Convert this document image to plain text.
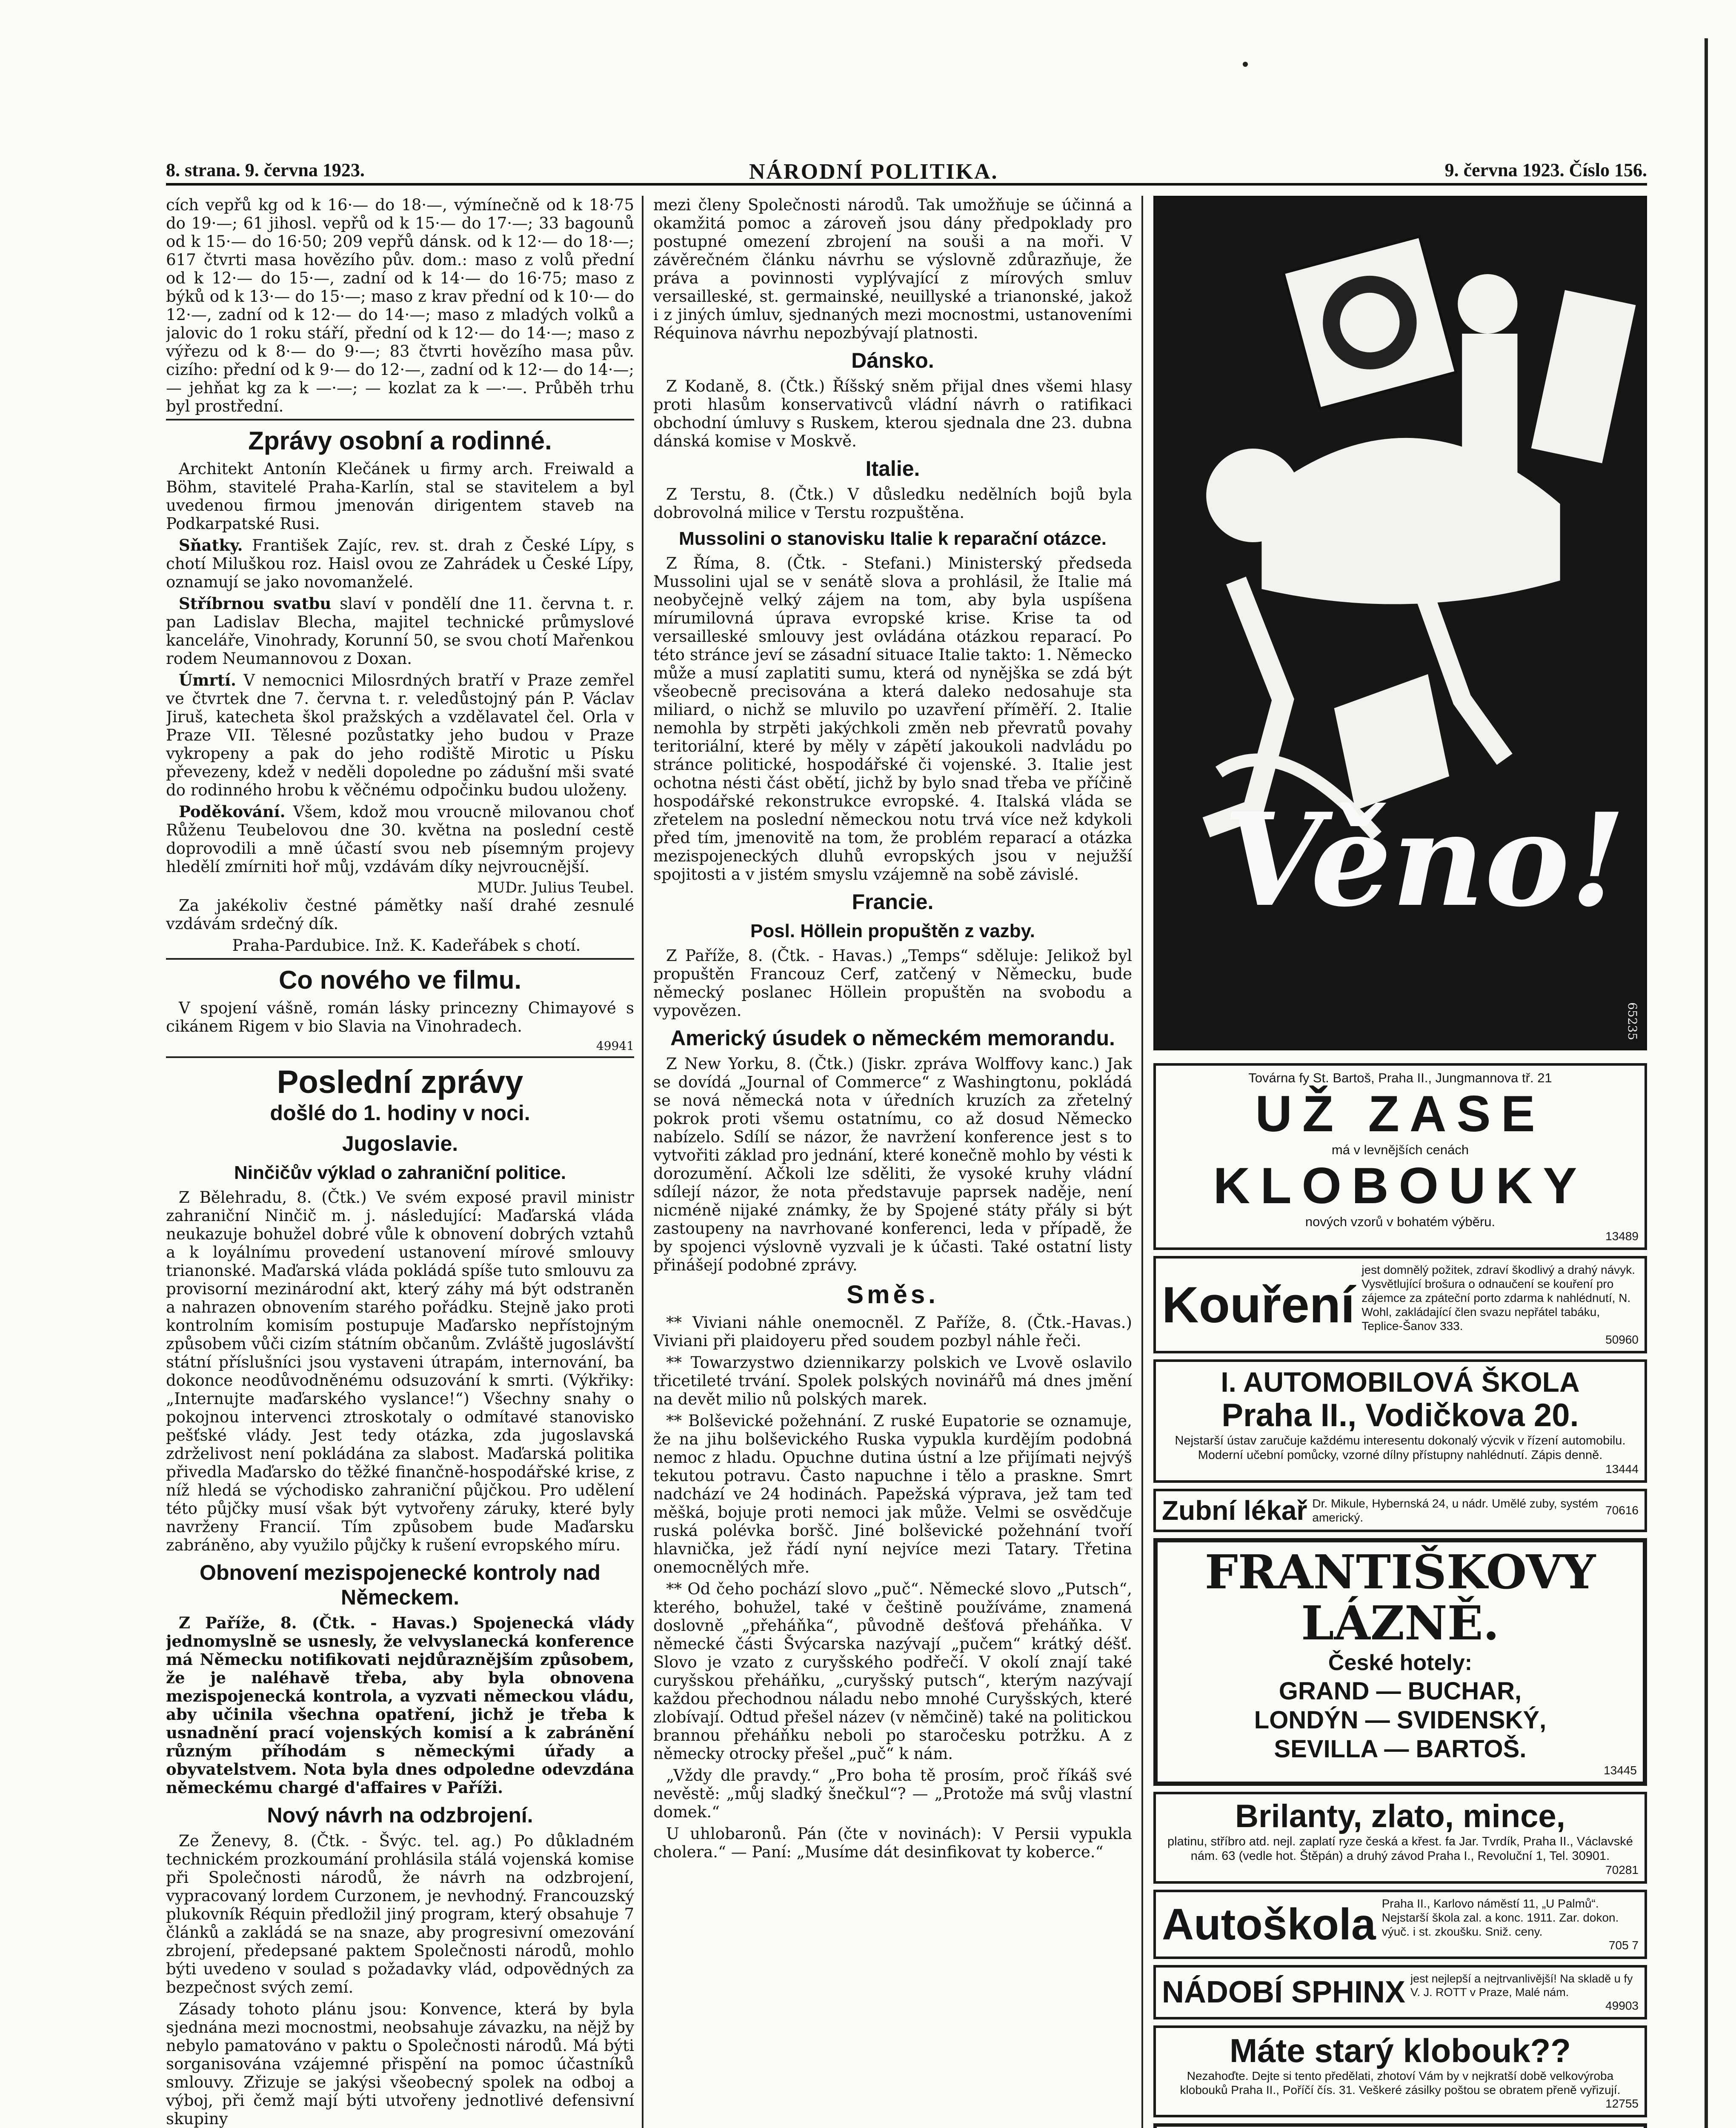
8. strana. 9. června 1923.	NÁRODNÍ POLITIKA.	9. června 1923. Číslo 156.

cích vepřů kg od k 16·— do 18·—, výmínečně od k 18·75 do 19·—; 61 jihosl. vepřů od k 15·— do 17·—; 33 bagounů od k 15·— do 16·50; 209 vepřů dánsk. od k 12·— do 18·—; 617 čtvrti masa hovězího pův. dom.: maso z volů přední od k 12·— do 15·—, zadní od k 14·— do 16·75; maso z býků od k 13·— do 15·—; maso z krav přední od k 10·— do 12·—, zadní od k 12·— do 14·—; maso z mladých volků a jalovic do 1 roku stáří, přední od k 12·— do 14·—; maso z výřezu od k 8·— do 9·—; 83 čtvrti hovězího masa pův. cizího: přední od k 9·— do 12·—, zadní od k 12·— do 14·—; — jehňat kg za k —·—; — kozlat za k —·—. Průběh trhu byl prostřední.

Zprávy osobní a rodinné.

Architekt Antonín Klečánek u firmy arch. Freiwald a Böhm, stavitelé Praha-Karlín, stal se stavitelem a byl uvedenou firmou jmenován dirigentem staveb na Podkarpatské Rusi.

Sňatky. František Zajíc, rev. st. drah z České Lípy, s chotí Miluškou roz. Haisl ovou ze Zahrádek u České Lípy, oznamují se jako novomanželé.

Stříbrnou svatbu slaví v pondělí dne 11. června t. r. pan Ladislav Blecha, majitel technické průmyslové kanceláře, Vinohrady, Korunní 50, se svou chotí Mařenkou rodem Neumannovou z Doxan.

Úmrtí. V nemocnici Milosrdných bratří v Praze zemřel ve čtvrtek dne 7. června t. r. veledůstojný pán P. Václav Jiruš, katecheta škol pražských a vzdělavatel čel. Orla v Praze VII. Tělesné pozůstatky jeho budou v Praze vykropeny a pak do jeho rodiště Mirotic u Písku převezeny, kdež v neděli dopoledne po zádušní mši svaté do rodinného hrobu k věčnému odpočinku budou uloženy.

Poděkování. Všem, kdož mou vroucně milovanou choť Růženu Teubelovou dne 30. května na poslední cestě doprovodili a mně účastí svou neb písemným projevy hledělí zmírniti hoř můj, vzdávám díky nejvroucnější.

MUDr. Julius Teubel.

Za jakékoliv čestné pámětky naší drahé zesnulé vzdávám srdečný dík.

Praha-Pardubice. Inž. K. Kadeřábek s chotí.

Co nového ve filmu.

V spojení vášně, román lásky princezny Chimayové s cikánem Rigem v bio Slavia na Vinohradech.

49941
Poslední zprávy
došlé do 1. hodiny v noci.
Jugoslavie.
Ninčičův výklad o zahraniční politice.

Z Bělehradu, 8. (Čtk.) Ve svém exposé pravil ministr zahraniční Ninčič m. j. následující: Maďarská vláda neukazuje bohužel dobré vůle k obnovení dobrých vztahů a k loyálnímu provedení ustanovení mírové smlouvy trianonské. Maďarská vláda pokládá spíše tuto smlouvu za provisorní mezinárodní akt, který záhy má být odstraněn a nahrazen obnovením starého pořádku. Stejně jako proti kontrolním komisím postupuje Maďarsko nepřístojným způsobem vůči cizím státním občanům. Zvláště jugoslávští státní příslušníci jsou vystaveni útrapám, internování, ba dokonce neodůvodněnému odsuzování k smrti. (Výkřiky: „Internujte maďarského vyslance!“) Všechny snahy o pokojnou intervenci ztroskotaly o odmítavé stanovisko pešťské vlády. Jest tedy otázka, zda jugoslavská zdrželivost není pokládána za slabost. Maďarská politika přivedla Maďarsko do těžké finančně-hospodářské krise, z níž hledá se východisko zahraniční půjčkou. Pro udělení této půjčky musí však být vytvořeny záruky, které byly navrženy Francií. Tím způsobem bude Maďarsku zabráněno, aby využilo půjčky k rušení evropského míru.

Obnovení mezispojenecké kontroly nad Německem.

Z Paříže, 8. (Čtk. - Havas.) Spojenecká vlády jednomyslně se usnesly, že velvyslanecká konference má Německu notifikovati nejdůraznějším způsobem, že je naléhavě třeba, aby byla obnovena mezispojenecká kontrola, a vyzvati německou vládu, aby učinila všechna opatření, jichž je třeba k usnadnění prací vojenských komisí a k zabránění různým příhodám s německými úřady a obyvatelstvem. Nota byla dnes odpoledne odevzdána německému chargé d'affaires v Paříži.

Nový návrh na odzbrojení.

Ze Ženevy, 8. (Čtk. - Švýc. tel. ag.) Po důkladném technickém prozkoumání prohlásila stálá vojenská komise při Společnosti národů, že návrh na odzbrojení, vypracovaný lordem Curzonem, je nevhodný. Francouzský plukovník Réquin předložil jiný program, který obsahuje 7 článků a zakládá se na snaze, aby progresivní omezování zbrojení, předepsané paktem Společnosti národů, mohlo býti uvedeno v soulad s požadavky vlád, odpovědných za bezpečnost svých zemí.

Zásady tohoto plánu jsou: Konvence, která by byla sjednána mezi mocnostmi, neobsahuje závazku, na nějž by nebylo pamatováno v paktu o Společnosti národů. Má býti sorganisována vzájemné přispění na pomoc účastníků smlouvy. Zřizuje se jakýsi všeobecný spolek na odboj a výboj, při čemž mají býti utvořeny jednotlivé defensivní skupiny

mezi členy Společnosti národů. Tak umožňuje se účinná a okamžitá pomoc a zároveň jsou dány předpoklady pro postupné omezení zbrojení na souši a na moři. V závěrečném článku návrhu se výslovně zdůrazňuje, že práva a povinnosti vyplývající z mírových smluv versailleské, st. germainské, neuillyské a trianonské, jakož i z jiných úmluv, sjednaných mezi mocnostmi, ustanoveními Réquinova návrhu nepozbývají platnosti.

Dánsko.

Z Kodaně, 8. (Čtk.) Říšský sněm přijal dnes všemi hlasy proti hlasům konservativců vládní návrh o ratifikaci obchodní úmluvy s Ruskem, kterou sjednala dne 23. dubna dánská komise v Moskvě.

Italie.

Z Terstu, 8. (Čtk.) V důsledku nedělních bojů byla dobrovolná milice v Terstu rozpuštěna.

Mussolini o stanovisku Italie k reparační otázce.

Z Říma, 8. (Čtk. - Stefani.) Ministerský předseda Mussolini ujal se v senátě slova a prohlásil, že Italie má neobyčejně velký zájem na tom, aby byla uspíšena mírumilovná úprava evropské krise. Krise ta od versailleské smlouvy jest ovládána otázkou reparací. Po této stránce jeví se zásadní situace Italie takto: 1. Německo může a musí zaplatiti sumu, která od nynějška se zdá být všeobecně precisována a která daleko nedosahuje sta miliard, o nichž se mluvilo po uzavření příměří. 2. Italie nemohla by strpěti jakýchkoli změn neb převratů povahy teritoriální, které by měly v zápětí jakoukoli nadvládu po stránce politické, hospodářské či vojenské. 3. Italie jest ochotna nésti část obětí, jichž by bylo snad třeba ve příčině hospodářské rekonstrukce evropské. 4. Italská vláda se zřetelem na poslední německou notu trvá více než kdykoli před tím, jmenovitě na tom, že problém reparací a otázka mezispojeneckých dluhů evropských jsou v nejužší spojitosti a v jistém smyslu vzájemně na sobě závislé.

Francie.
Posl. Höllein propuštěn z vazby.

Z Paříže, 8. (Čtk. - Havas.) „Temps“ sděluje: Jelikož byl propuštěn Francouz Cerf, zatčený v Německu, bude německý poslanec Höllein propuštěn na svobodu a vypovězen.

Americký úsudek o německém memorandu.

Z New Yorku, 8. (Čtk.) (Jiskr. zpráva Wolffovy kanc.) Jak se dovídá „Journal of Commerce“ z Washingtonu, pokládá se nová německá nota v úředních kruzích za zřetelný pokrok proti všemu ostatnímu, co až dosud Německo nabízelo. Sdílí se názor, že navržení konference jest s to vytvořiti základ pro jednání, které konečně mohlo by vésti k dorozumění. Ačkoli lze sděliti, že vysoké kruhy vládní sdílejí názor, že nota představuje paprsek naděje, není nicméně nijaké známky, že by Spojené státy přály si být zastoupeny na navrhované konferenci, leda v případě, že by spojenci výslovně vyzvali je k účasti. Také ostatní listy přinášejí podobné zprávy.

Směs.

** Viviani náhle onemocněl. Z Paříže, 8. (Čtk.-Havas.) Viviani při plaidoyeru před soudem pozbyl náhle řeči.

** Towarzystwo dziennikarzy polskich ve Lvově oslavilo třicetileté trvání. Spolek polských novinářů má dnes jmění na devět milio nů polských marek.

** Bolševické požehnání. Z ruské Eupatorie se oznamuje, že na jihu bolševického Ruska vypukla kurdějím podobná nemoc z hladu. Opuchne dutina ústní a lze přijímati nejvýš tekutou potravu. Často napuchne i tělo a praskne. Smrt nadchází ve 24 hodinách. Papežská výprava, jež tam teď měšká, bojuje proti nemoci jak může. Velmi se osvědčuje ruská polévka boršč. Jiné bolševické požehnání tvoří hlavnička, jež řádí nyní nejvíce mezi Tatary. Třetina onemocnělých mře.

** Od čeho pochází slovo „puč“. Německé slovo „Putsch“, kterého, bohužel, také v češtině používáme, znamená doslovně „přeháňka“, původně dešťová přeháňka. V německé části Švýcarska nazývají „pučem“ krátký déšť. Slovo je vzato z curyšského podřečí. V okolí znají také curyšskou přeháňku, „curyšský putsch“, kterým nazývají každou přechodnou náladu nebo mnohé Curyšských, které zlobívají. Odtud přešel název (v němčině) také na politickou brannou přeháňku neboli po staročesku potržku. A z německy otrocky přešel „puč“ k nám.

„Vždy dle pravdy.“ „Pro boha tě prosím, proč říkáš své nevěstě: „můj sladký šnečkul“? — „Protože má svůj vlastní domek.“

U uhlobaronů. Pán (čte v novinách): V Persii vypukla cholera.“ — Paní: „Musíme dát desinfikovat ty koberce.“

Věno!
65235
Továrna fy St. Bartoš, Praha II., Jungmannova tř. 21
UŽ ZASE
má v levnějších cenách
KLOBOUKY
nových vzorů v bohatém výběru.
13489
Kouření
jest domnělý požitek, zdraví škodlivý a drahý návyk. Vysvětlující brošura o odnaučení se kouření pro zájemce za zpáteční porto zdarma k nahlédnutí, N. Wohl, zakládající člen svazu nepřátel tabáku, Teplice-Šanov 333.
50960
I. AUTOMOBILOVÁ ŠKOLA
Praha II., Vodičkova 20.
Nejstarší ústav zaručuje každému interesentu dokonalý výcvik v řízení automobilu. Moderní učební pomůcky, vzorné dílny přístupny nahlédnutí. Zápis denně.
13444
Zubní lékař Dr. Mikule, Hybernská 24, u nádr. Umělé zuby, systém americký.
70616
FRANTIŠKOVY
LÁZNĚ.
České hotely:
GRAND — BUCHAR,
LONDÝN — SVIDENSKÝ,
SEVILLA — BARTOŠ.
13445
Brilanty, zlato, mince,
platinu, stříbro atd. nejl. zaplatí ryze česká a křest. fa Jar. Tvrdík, Praha II., Václavské nám. 63 (vedle hot. Štěpán) a druhý závod Praha I., Revoluční 1, Tel. 30901.
70281
Autoškola Praha II., Karlovo náměstí 11, „U Palmů“. Nejstarší škola zal. a konc. 1911. Zar. dokon. výuč. i st. zkoušku. Sniž. ceny.
705 7
NÁDOBÍ SPHINX jest nejlepší a nejtrvanlivější! Na skladě u fy V. J. ROTT v Praze, Malé nám.
49903
Máte starý klobouk??
Nezahoďte. Dejte si tento předělati, zhotoví Vám by v nejkratší době velkovýroba klobouků Praha II., Poříčí čís. 31. Veškeré zásilky poštou se obratem přeně vyřizují.
12755
